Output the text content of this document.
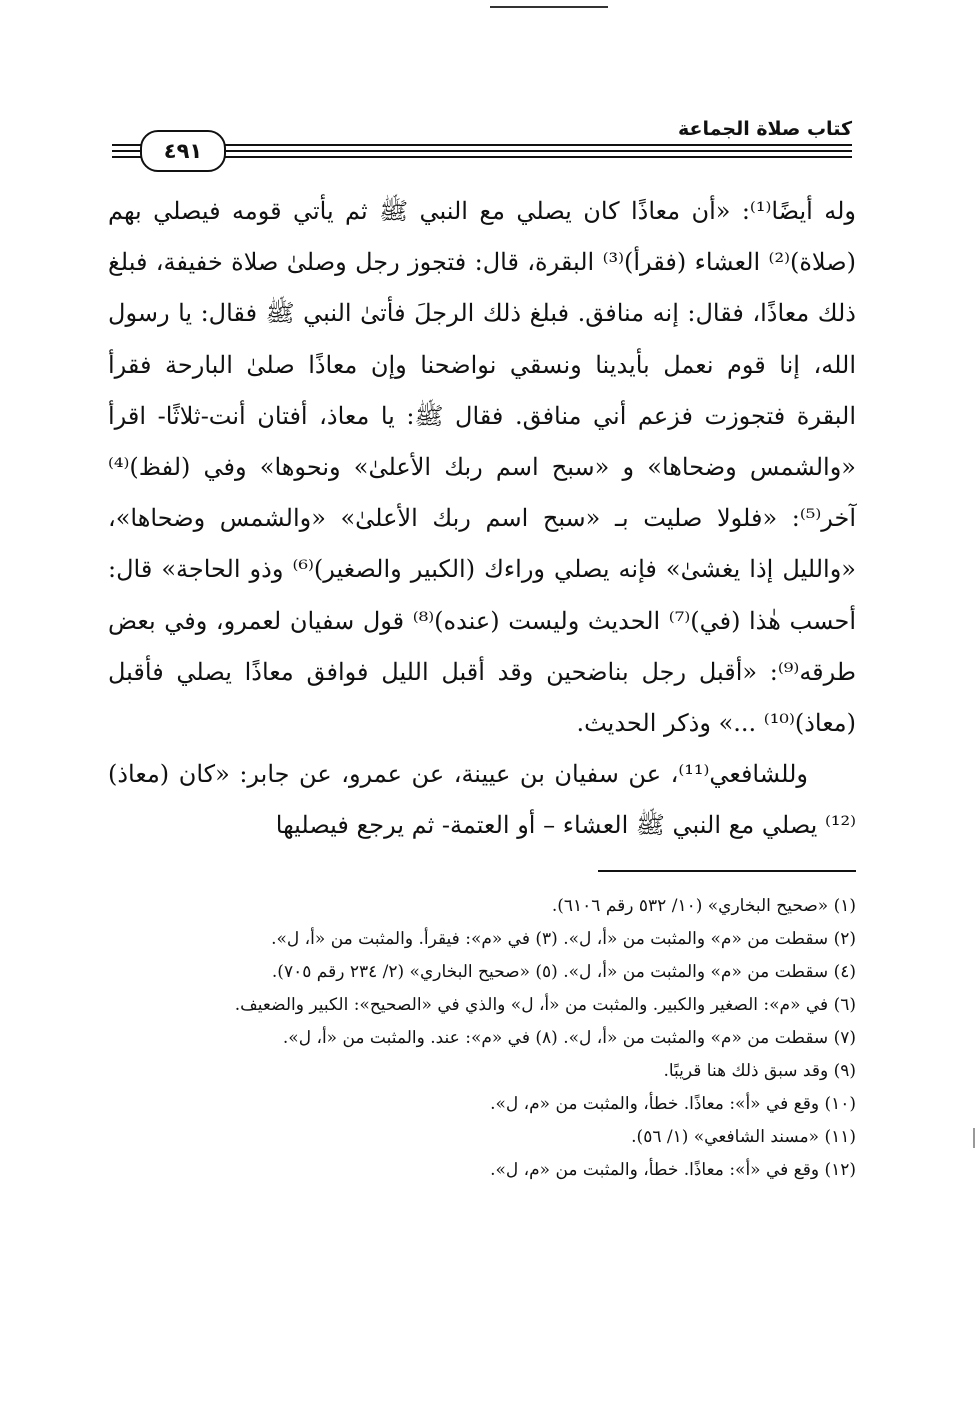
كتاب صلاة الجماعة
٤٩١

وله أيضًا⁽¹⁾: «أن معاذًا كان يصلي مع النبي ﷺ ثم يأتي قومه فيصلي بهم (صلاة)⁽²⁾ العشاء (فقرأ)⁽³⁾ البقرة، قال: فتجوز رجل وصلىٰ صلاة خفيفة، فبلغ ذلك معاذًا، فقال: إنه منافق. فبلغ ذلك الرجلَ فأتىٰ النبي ﷺ فقال: يا رسول الله، إنا قوم نعمل بأيدينا ونسقي نواضحنا وإن معاذًا صلىٰ البارحة فقرأ البقرة فتجوزت فزعم أني منافق. فقال ﷺ: يا معاذ، أفتان أنت-ثلاثًا- اقرأ «والشمس وضحاها» و «سبح اسم ربك الأعلىٰ» ونحوها» وفي (لفظ)⁽⁴⁾ آخر⁽⁵⁾: «فلولا صليت بـ «سبح اسم ربك الأعلىٰ» «والشمس وضحاها»، «والليل إذا يغشىٰ» فإنه يصلي وراءك (الكبير والصغير)⁽⁶⁾ وذو الحاجة» قال: أحسب هٰذا (في)⁽⁷⁾ الحديث وليست (عنده)⁽⁸⁾ قول سفيان لعمرو، وفي بعض طرقه⁽⁹⁾: «أقبل رجل بناضحين وقد أقبل الليل فوافق معاذًا يصلي فأقبل (معاذ)⁽¹⁰⁾ ...» وذكر الحديث.

وللشافعي⁽¹¹⁾، عن سفيان بن عيينة، عن عمرو، عن جابر: «كان (معاذ)⁽¹²⁾ يصلي مع النبي ﷺ العشاء – أو العتمة- ثم يرجع فيصليها

(١) «صحيح البخاري» (١٠/ ٥٣٢ رقم ٦١٠٦).
(٢) سقطت من «م» والمثبت من «أ، ل». (٣) في «م»: فيقرأ. والمثبت من «أ، ل».
(٤) سقطت من «م» والمثبت من «أ، ل». (٥) «صحيح البخاري» (٢/ ٢٣٤ رقم ٧٠٥).
(٦) في «م»: الصغير والكبير. والمثبت من «أ، ل» والذي في «الصحيح»: الكبير والضعيف.
(٧) سقطت من «م» والمثبت من «أ، ل». (٨) في «م»: عند. والمثبت من «أ، ل».
(٩) وقد سبق ذلك هنا قريبًا.
(١٠) وقع في «أ»: معاذًا. خطأ، والمثبت من «م، ل».
(١١) «مسند الشافعي» (١/ ٥٦).
(١٢) وقع في «أ»: معاذًا. خطأ، والمثبت من «م، ل».
